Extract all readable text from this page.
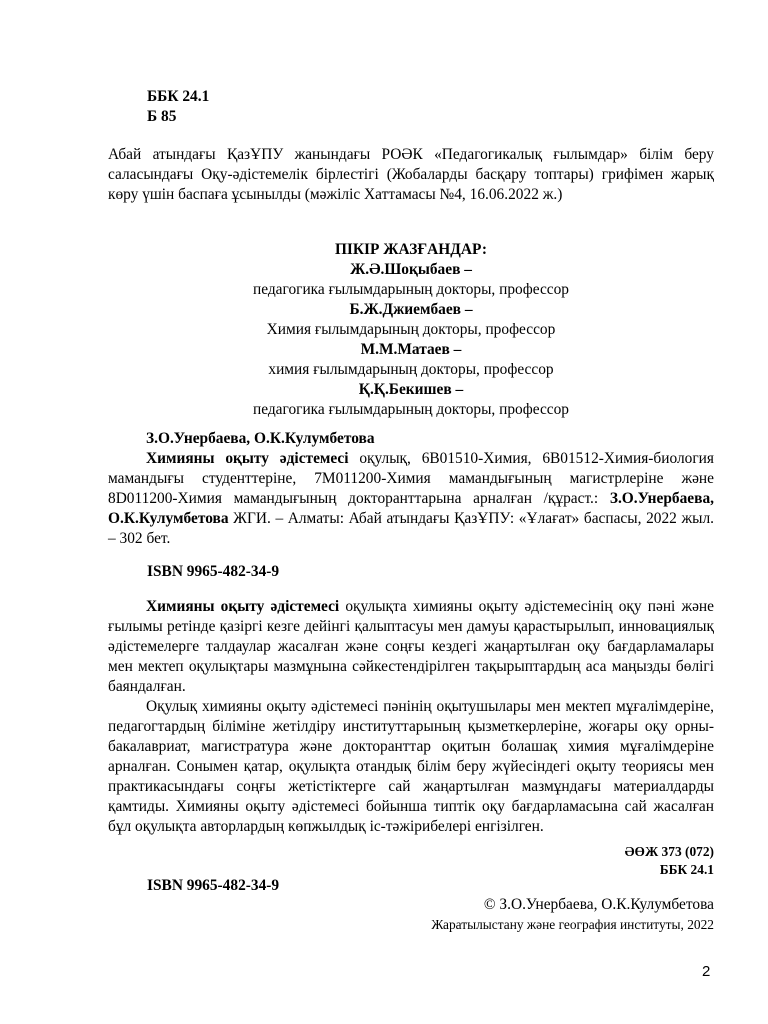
ББК 24.1

Б 85

Абай атындағы ҚазҰПУ жанындағы РОӘК «Педагогикалық ғылымдар» білім беру саласындағы Оқу-әдістемелік бірлестігі (Жобаларды басқару топтары) грифімен жарық көру үшін баспаға ұсынылды (мәжіліс Хаттамасы №4, 16.06.2022 ж.)

ПІКІР ЖАЗҒАНДАР:

Ж.Ә.Шоқыбаев –

педагогика ғылымдарының докторы, профессор

Б.Ж.Джиембаев –

Химия ғылымдарының докторы, профессор

М.М.Матаев –

химия ғылымдарының докторы, профессор

Қ.Қ.Бекишев –

педагогика ғылымдарының докторы, профессор

З.О.Унербаева, О.К.Кулумбетова

Химияны оқыту әдістемесі оқулық, 6В01510-Химия, 6В01512-Химия-биология мамандығы студенттеріне, 7М011200-Химия мамандығының магистрлеріне және 8D011200-Химия мамандығының докторанттарына арналған /құраст.: З.О.Унербаева, О.К.Кулумбетова ЖГИ. – Алматы: Абай атындағы ҚазҰПУ: «Ұлағат» баспасы, 2022 жыл. – 302 бет.

ISBN 9965-482-34-9

Химияны оқыту әдістемесі оқулықта химияны оқыту әдістемесінің оқу пәні және ғылымы ретінде қазіргі кезге дейінгі қалыптасуы мен дамуы қарастырылып, инновациялық әдістемелерге талдаулар жасалған және соңғы кездегі жаңартылған оқу бағдарламалары мен мектеп оқулықтары мазмұнына сәйкестендірілген тақырыптардың аса маңызды бөлігі баяндалған.

Оқулық химияны оқыту әдістемесі пәнінің оқытушылары мен мектеп мұғалімдеріне, педагогтардың біліміне жетілдіру институттарының қызметкерлеріне, жоғары оқу орны- бакалавриат, магистратура және докторанттар оқитын болашақ химия мұғалімдеріне арналған. Сонымен қатар, оқулықта отандық білім беру жүйесіндегі оқыту теориясы мен практикасындағы соңғы жетістіктерге сай жаңартылған мазмұндағы материалдарды қамтиды. Химияны оқыту әдістемесі бойынша типтік оқу бағдарламасына сай жасалған бұл оқулықта авторлардың көпжылдық іс-тәжірибелері енгізілген.

ӘӨЖ 373 (072)

ББК 24.1

ISBN 9965-482-34-9

© З.О.Унербаева, О.К.Кулумбетова

Жаратылыстану және география институты, 2022

2
